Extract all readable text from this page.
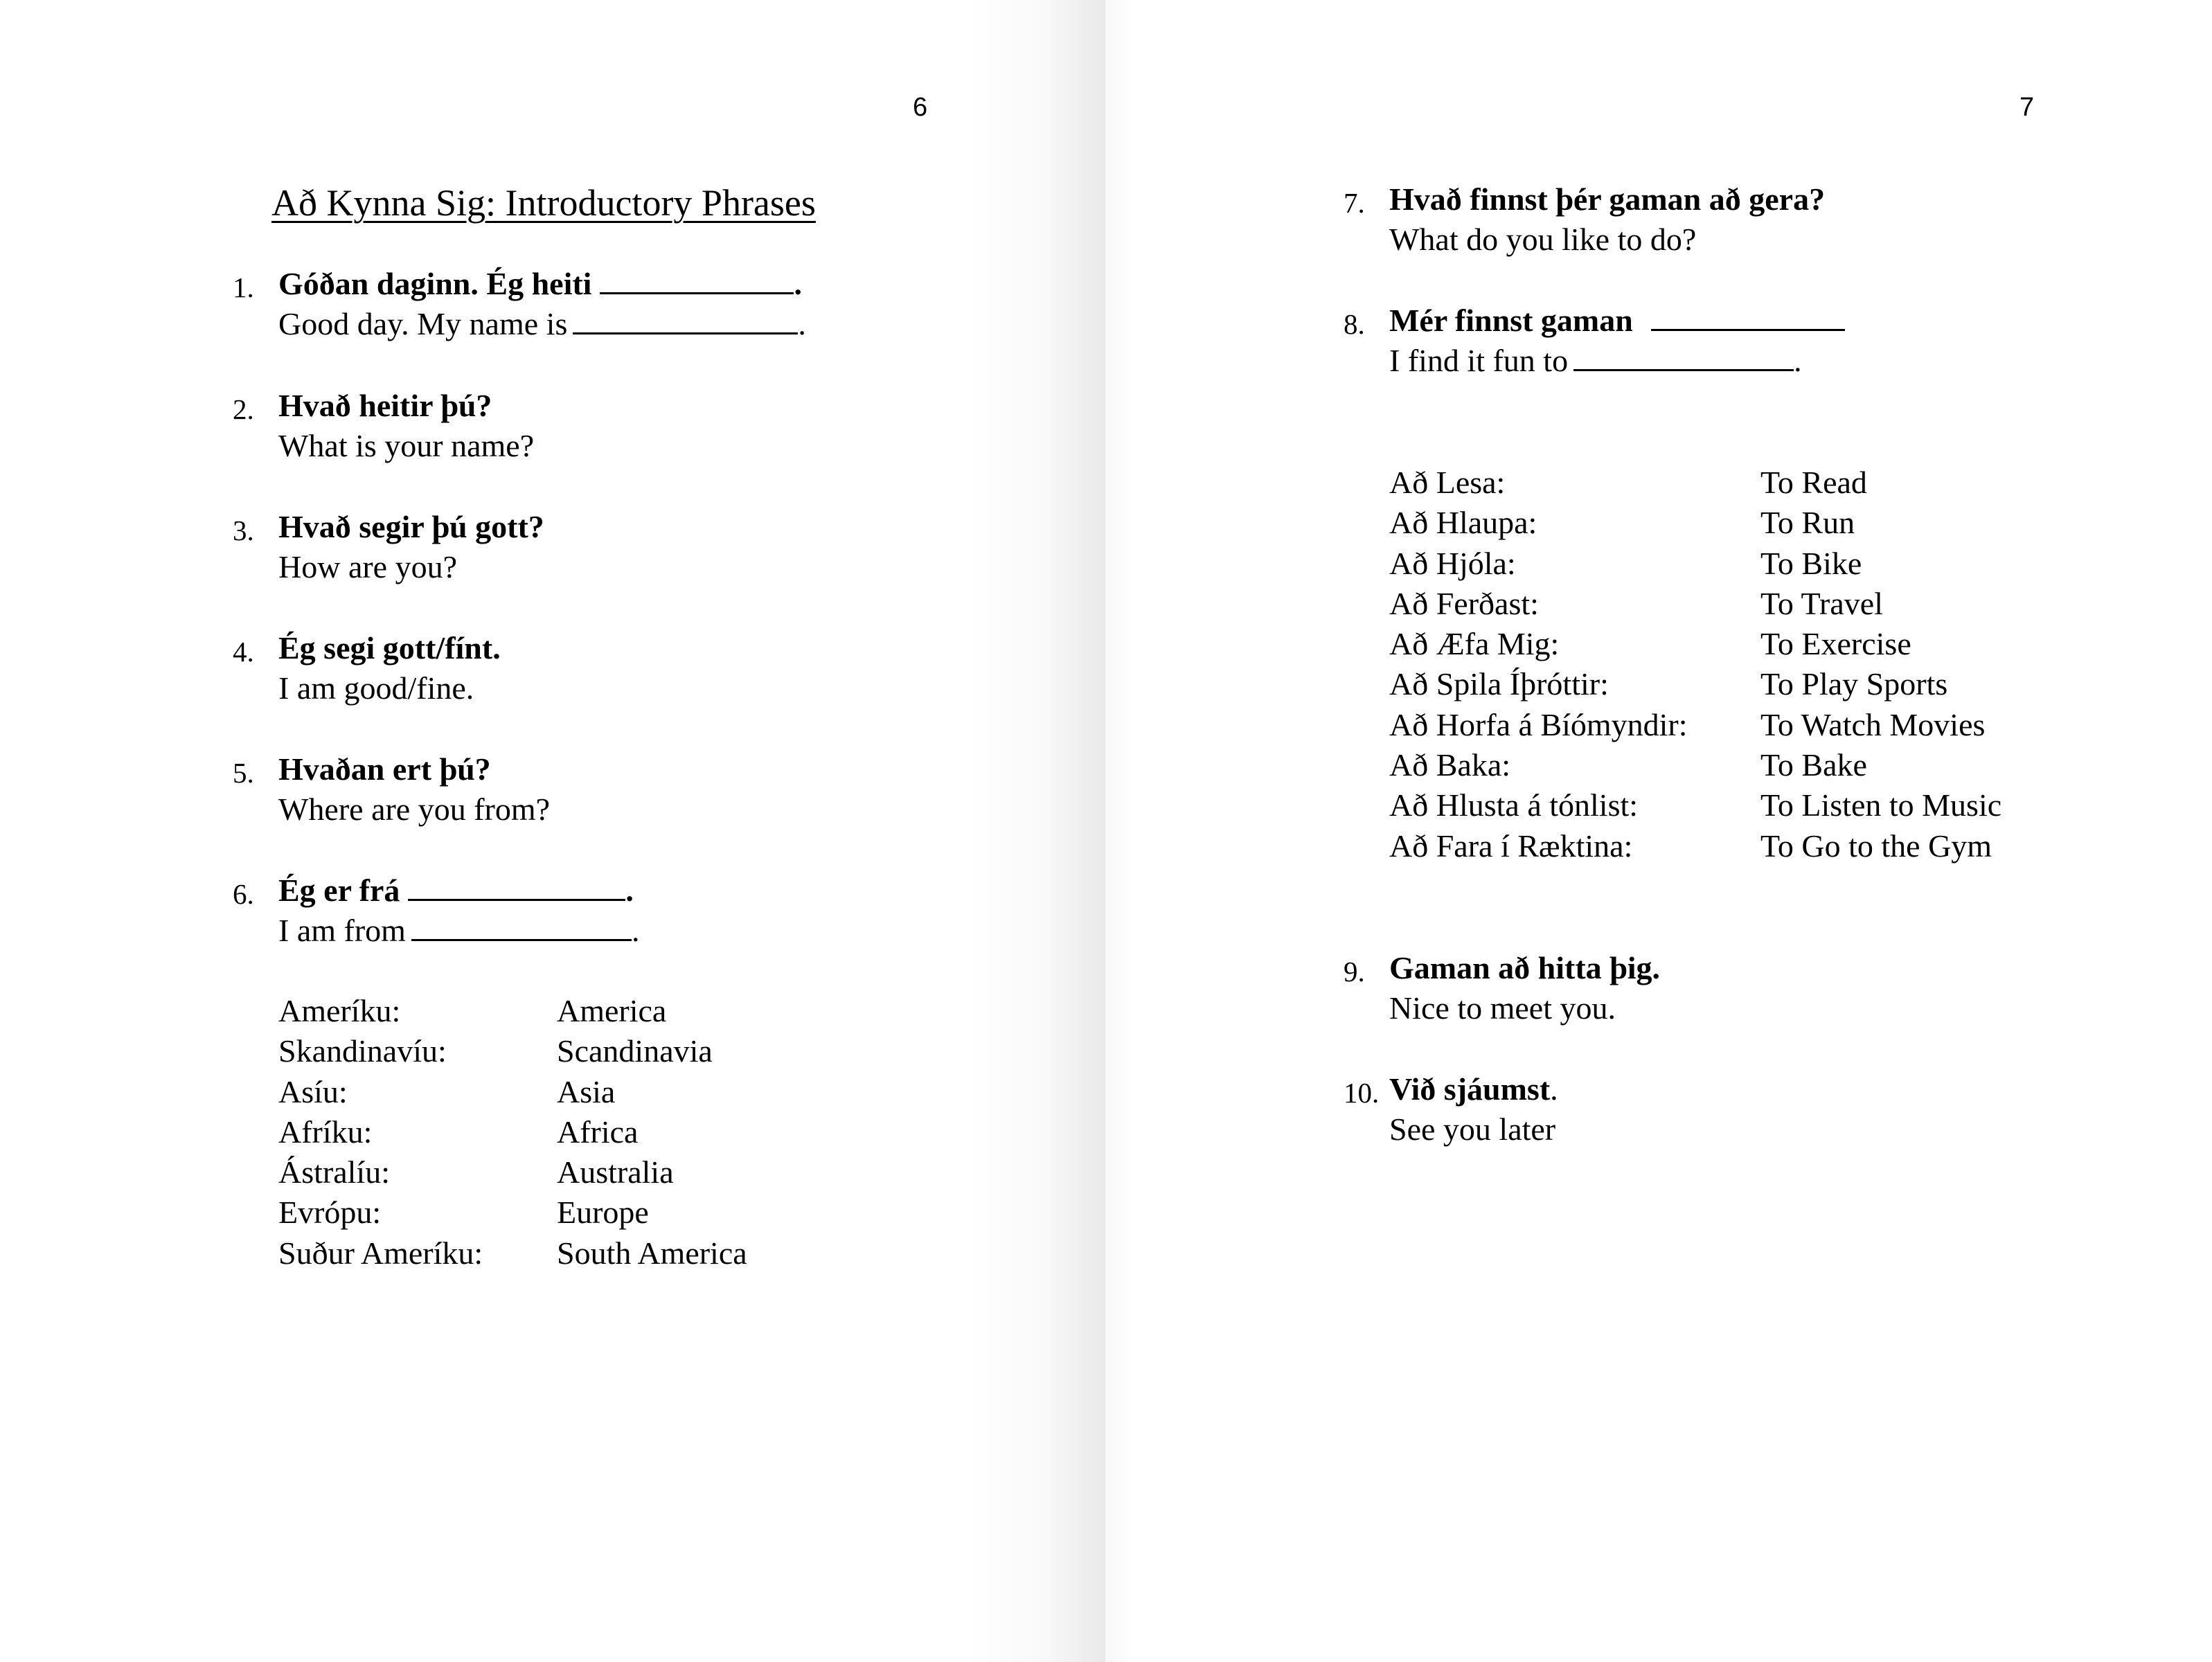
6
Að Kynna Sig: Introductory Phrases
1. Góðan daginn. Ég heiti	.
Good day. My name is	.
2. Hvað heitir þú?
What is your name?
3. Hvað segir þú gott?
How are you?
4. Ég segi gott/fínt.
I am good/fine.
5. Hvaðan ert þú?
Where are you from?
6. Ég er frá	.
I am from	.
Ameríku:	America
Skandinavíu:	Scandinavia
Asíu:	Asia
Afríku:	Africa
Ástralíu:	Australia
Evrópu:	Europe
Suður Ameríku: South America
7
7. Hvað finnst þér gaman að gera?
What do you like to do?
8. Mér finnst gaman
I find it fun to	.
Að Lesa:	To Read
Að Hlaupa:	To Run
Að Hjóla:	To Bike
Að Ferðast:	To Travel
Að Æfa Mig:	To Exercise
Að Spila Íþróttir:	To Play Sports
Að Horfa á Bíómyndir: To Watch Movies
Að Baka:	To Bake
Að Hlusta á tónlist:	To Listen to Music
Að Fara í Ræktina:	To Go to the Gym
9. Gaman að hitta þig.
Nice to meet you.
10. Við sjáumst.
See you later
